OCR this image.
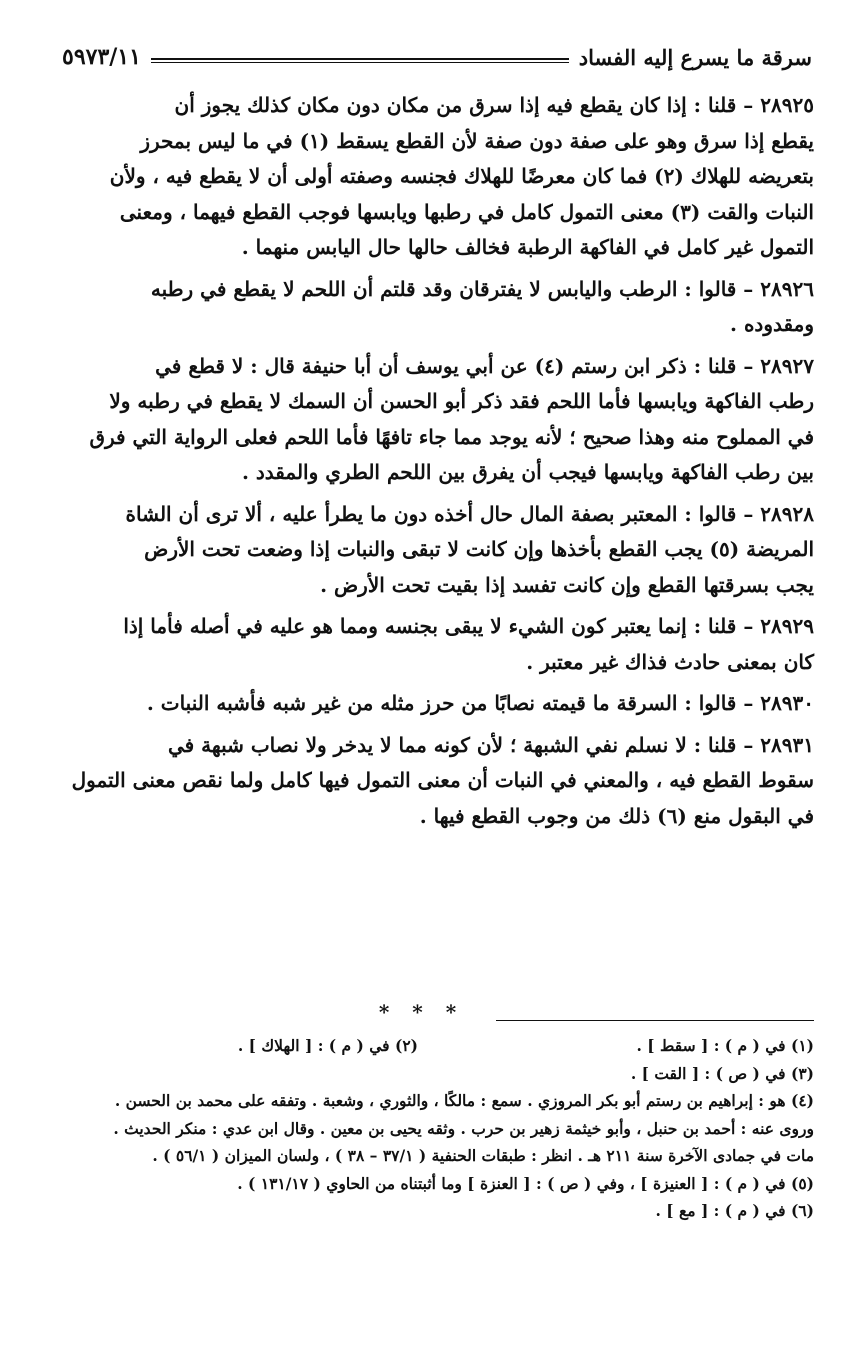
سرقة ما يسرع إليه الفساد
٥٩٧٣/١١
٢٨٩٢٥ – قلنا : إذا كان يقطع فيه إذا سرق من مكان دون مكان كذلك يجوز أن
يقطع إذا سرق وهو على صفة دون صفة لأن القطع يسقط (١) في ما ليس بمحرز
بتعريضه للهلاك (٢) فما كان معرضًا للهلاك فجنسه وصفته أولى أن لا يقطع فيه ، ولأن
النبات والقت (٣) معنى التمول كامل في رطبها ويابسها فوجب القطع فيهما ، ومعنى
التمول غير كامل في الفاكهة الرطبة فخالف حالها حال اليابس منهما .
٢٨٩٢٦ – قالوا : الرطب واليابس لا يفترقان وقد قلتم أن اللحم لا يقطع في رطبه
ومقدوده .
٢٨٩٢٧ – قلنا : ذكر ابن رستم (٤) عن أبي يوسف أن أبا حنيفة قال : لا قطع في
رطب الفاكهة ويابسها فأما اللحم فقد ذكر أبو الحسن أن السمك لا يقطع في رطبه ولا
في المملوح منه وهذا صحيح ؛ لأنه يوجد مما جاء تافهًا فأما اللحم فعلى الرواية التي فرق
بين رطب الفاكهة ويابسها فيجب أن يفرق بين اللحم الطري والمقدد .
٢٨٩٢٨ – قالوا : المعتبر بصفة المال حال أخذه دون ما يطرأ عليه ، ألا ترى أن الشاة
المريضة (٥) يجب القطع بأخذها وإن كانت لا تبقى والنبات إذا وضعت تحت الأرض
يجب بسرقتها القطع وإن كانت تفسد إذا بقيت تحت الأرض .
٢٨٩٢٩ – قلنا : إنما يعتبر كون الشيء لا يبقى بجنسه ومما هو عليه في أصله فأما إذا
كان بمعنى حادث فذاك غير معتبر .
٢٨٩٣٠ – قالوا : السرقة ما قيمته نصابًا من حرز مثله من غير شبه فأشبه النبات .
٢٨٩٣١ – قلنا : لا نسلم نفي الشبهة ؛ لأن كونه مما لا يدخر ولا نصاب شبهة في
سقوط القطع فيه ، والمعني في النبات أن معنى التمول فيها كامل ولما نقص معنى التمول
في البقول منع (٦) ذلك من وجوب القطع فيها .
* * *
(١) في ( م ) : [ سقط ] .
(٢) في ( م ) : [ الهلاك ] .
(٣) في ( ص ) : [ القت ] .
(٤) هو : إبراهيم بن رستم أبو بكر المروزي . سمع : مالكًا ، والثوري ، وشعبة . وتفقه على محمد بن الحسن .
وروى عنه : أحمد بن حنبل ، وأبو خيثمة زهير بن حرب . وثقه يحيى بن معين . وقال ابن عدي : منكر الحديث .
مات في جمادى الآخرة سنة ٢١١ هـ . انظر : طبقات الحنفية ( ٣٧/١ – ٣٨ ) ، ولسان الميزان ( ٥٦/١ ) .
(٥) في ( م ) : [ العنيزة ] ، وفي ( ص ) : [ العنزة ] وما أثبتناه من الحاوي ( ١٣١/١٧ ) .
(٦) في ( م ) : [ مع ] .
